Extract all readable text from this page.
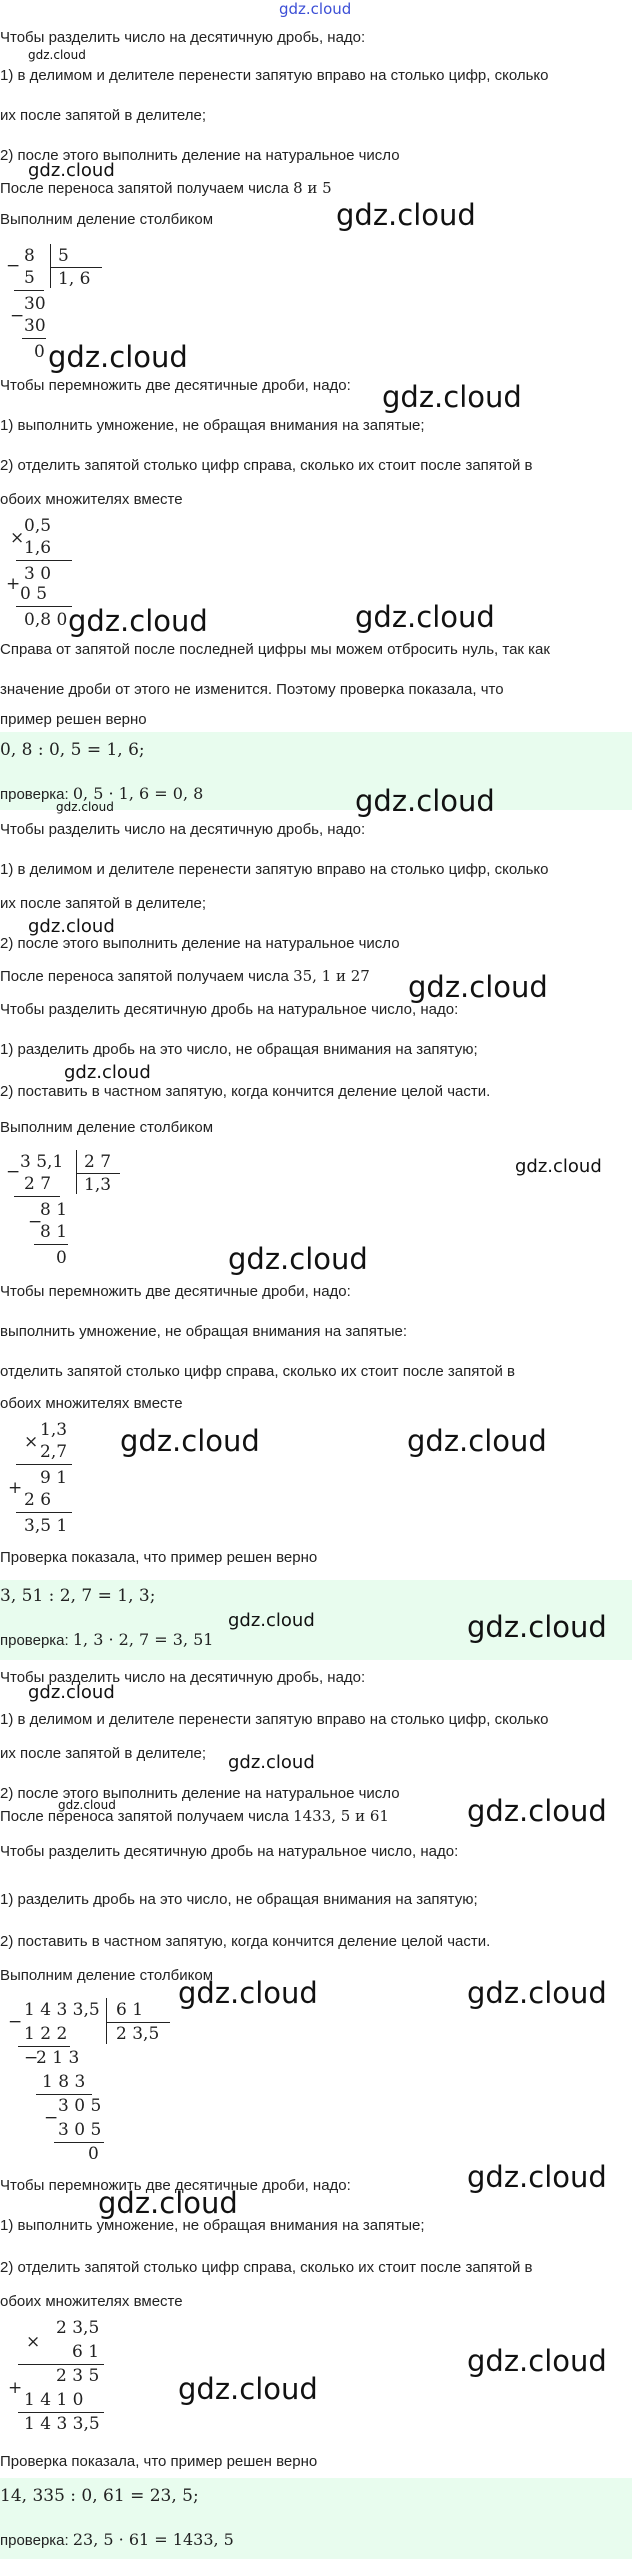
gdz.cloud
Чтобы разделить число на десятичную дробь, надо:
1) в делимом и делителе перенести запятую вправо на столько цифр, сколько
их после запятой в делителе;
2) после этого выполнить деление на натуральное число
После переноса запятой получаем числа 8 и 5
Выполним деление столбиком
− 8
5
30
− 30
0
5
1, 6
Чтобы перемножить две десятичные дроби, надо:
1) выполнить умножение, не обращая внимания на запятые;
2) отделить запятой столько цифр справа, сколько их стоит после запятой в
обоих множителях вместе
0,5
× 1,6
3 0
+ 0 5
0,8 0
Справа от запятой после последней цифры мы можем отбросить нуль, так как
значение дроби от этого не изменится. Поэтому проверка показала, что
пример решен верно
0, 8 : 0, 5 = 1, 6;
проверка: 0, 5 · 1, 6 = 0, 8
Чтобы разделить число на десятичную дробь, надо:
1) в делимом и делителе перенести запятую вправо на столько цифр, сколько
их после запятой в делителе;
2) после этого выполнить деление на натуральное число
После переноса запятой получаем числа 35, 1 и 27
Чтобы разделить десятичную дробь на натуральное число, надо:
1) разделить дробь на это число, не обращая внимания на запятую;
2) поставить в частном запятую, когда кончится деление целой части.
Выполним деление столбиком
− 3 5,1
2 7
8 1
−
8 1
0
2 7
1,3
Чтобы перемножить две десятичные дроби, надо:
выполнить умножение, не обращая внимания на запятые:
отделить запятой столько цифр справа, сколько их стоит после запятой в
обоих множителях вместе
1,3
× 2,7
9 1
+
2 6
3,5 1
Проверка показала, что пример решен верно
3, 51 : 2, 7 = 1, 3;
проверка: 1, 3 · 2, 7 = 3, 51
Чтобы разделить число на десятичную дробь, надо:
1) в делимом и делителе перенести запятую вправо на столько цифр, сколько
их после запятой в делителе;
2) после этого выполнить деление на натуральное число
После переноса запятой получаем числа 1433, 5 и 61
Чтобы разделить десятичную дробь на натуральное число, надо:
1) разделить дробь на это число, не обращая внимания на запятую;
2) поставить в частном запятую, когда кончится деление целой части.
Выполним деление столбиком
−
1 4 3 3,5
1 2 2
−
2 1 3
1 8 3
3 0 5
−
3 0 5
0
6 1
2 3,5
Чтобы перемножить две десятичные дроби, надо:
1) выполнить умножение, не обращая внимания на запятые;
2) отделить запятой столько цифр справа, сколько их стоит после запятой в
обоих множителях вместе
2 3,5
× 6 1
2 3 5
+
1 4 1 0
1 4 3 3,5
Проверка показала, что пример решен верно
14, 335 : 0, 61 = 23, 5;
проверка: 23, 5 · 61 = 1433, 5
gdz.cloud
gdz.cloud
gdz.cloud
gdz.cloud
gdz.cloud
gdz.cloud	gdz.cloud
gdz.cloud	gdz.cloud
gdz.cloud
gdz.cloud
gdz.cloud
gdz.cloud
gdz.cloud
gdz.cloud	gdz.cloud
gdz.cloud	gdz.cloud
gdz.cloud
gdz.cloud
gdz.cloud	gdz.cloud
gdz.cloud	gdz.cloud
gdz.cloud
gdz.cloud
gdz.cloud
gdz.cloud
